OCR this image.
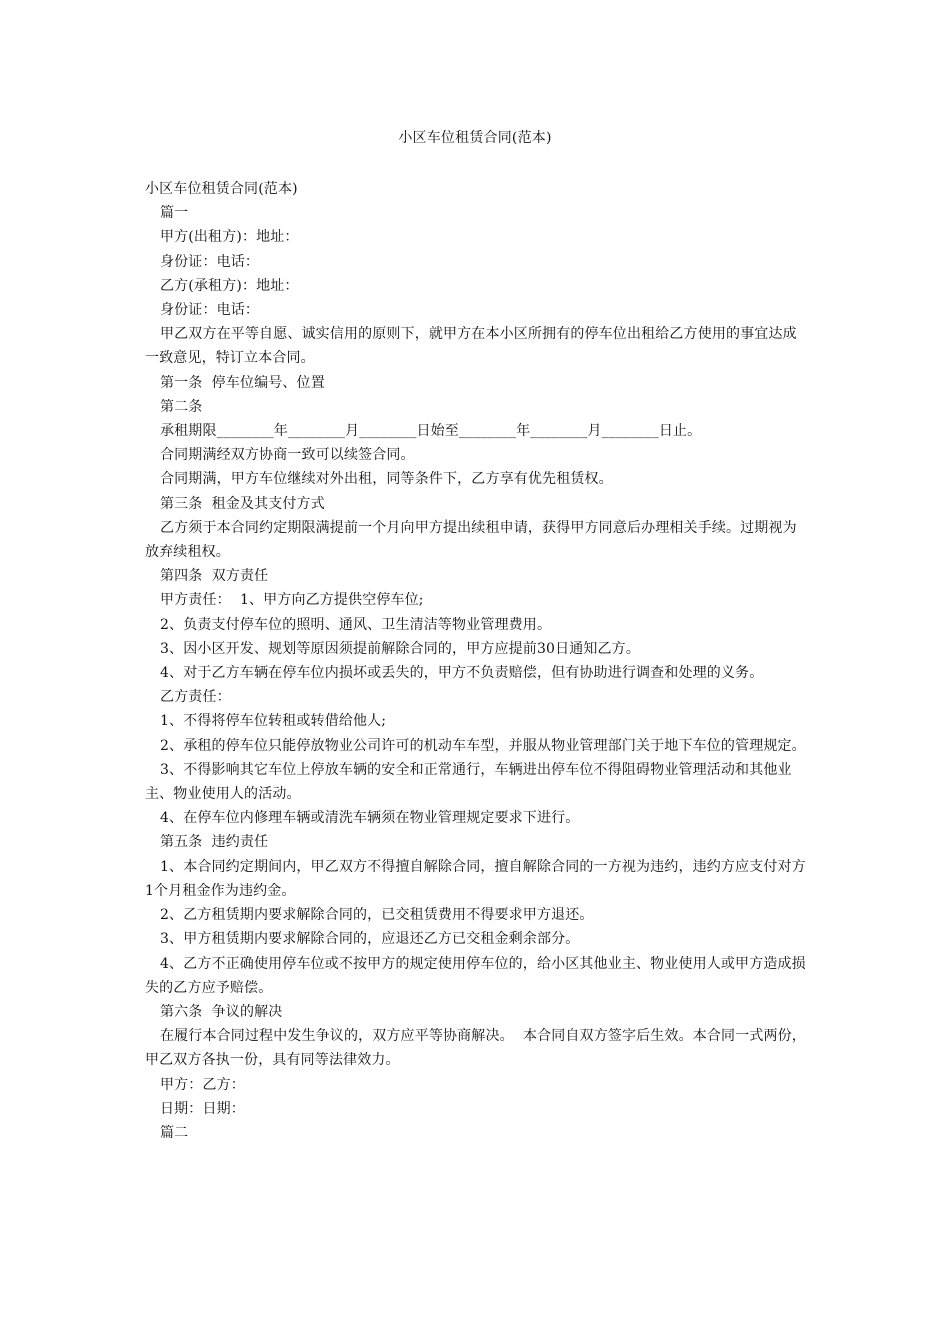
小区车位租赁合同(范本)

小区车位租赁合同(范本)

篇一

甲方(出租方)：地址：

身份证：电话：

乙方(承租方)：地址：

身份证：电话：

甲乙双方在平等自愿、诚实信用的原则下，就甲方在本小区所拥有的停车位出租给乙方使用的事宜达成一致意见，特订立本合同。

第一条  停车位编号、位置

第二条

承租期限________年________月________日始至________年________月________日止。

合同期满经双方协商一致可以续签合同。

合同期满，甲方车位继续对外出租，同等条件下，乙方享有优先租赁权。

第三条  租金及其支付方式

乙方须于本合同约定期限满提前一个月向甲方提出续租申请，获得甲方同意后办理相关手续。过期视为放弃续租权。

第四条  双方责任

甲方责任：  1、甲方向乙方提供空停车位;

2、负责支付停车位的照明、通风、卫生清洁等物业管理费用。

3、因小区开发、规划等原因须提前解除合同的，甲方应提前30日通知乙方。

4、对于乙方车辆在停车位内损坏或丢失的，甲方不负责赔偿，但有协助进行调查和处理的义务。

乙方责任：

1、不得将停车位转租或转借给他人;

2、承租的停车位只能停放物业公司许可的机动车车型，并服从物业管理部门关于地下车位的管理规定。

3、不得影响其它车位上停放车辆的安全和正常通行，车辆进出停车位不得阻碍物业管理活动和其他业主、物业使用人的活动。

4、在停车位内修理车辆或清洗车辆须在物业管理规定要求下进行。

第五条  违约责任

1、本合同约定期间内，甲乙双方不得擅自解除合同，擅自解除合同的一方视为违约，违约方应支付对方1个月租金作为违约金。

2、乙方租赁期内要求解除合同的，已交租赁费用不得要求甲方退还。

3、甲方租赁期内要求解除合同的，应退还乙方已交租金剩余部分。

4、乙方不正确使用停车位或不按甲方的规定使用停车位的，给小区其他业主、物业使用人或甲方造成损失的乙方应予赔偿。

第六条  争议的解决

在履行本合同过程中发生争议的，双方应平等协商解决。  本合同自双方签字后生效。本合同一式两份，甲乙双方各执一份，具有同等法律效力。

甲方：乙方：

日期：日期：

篇二
